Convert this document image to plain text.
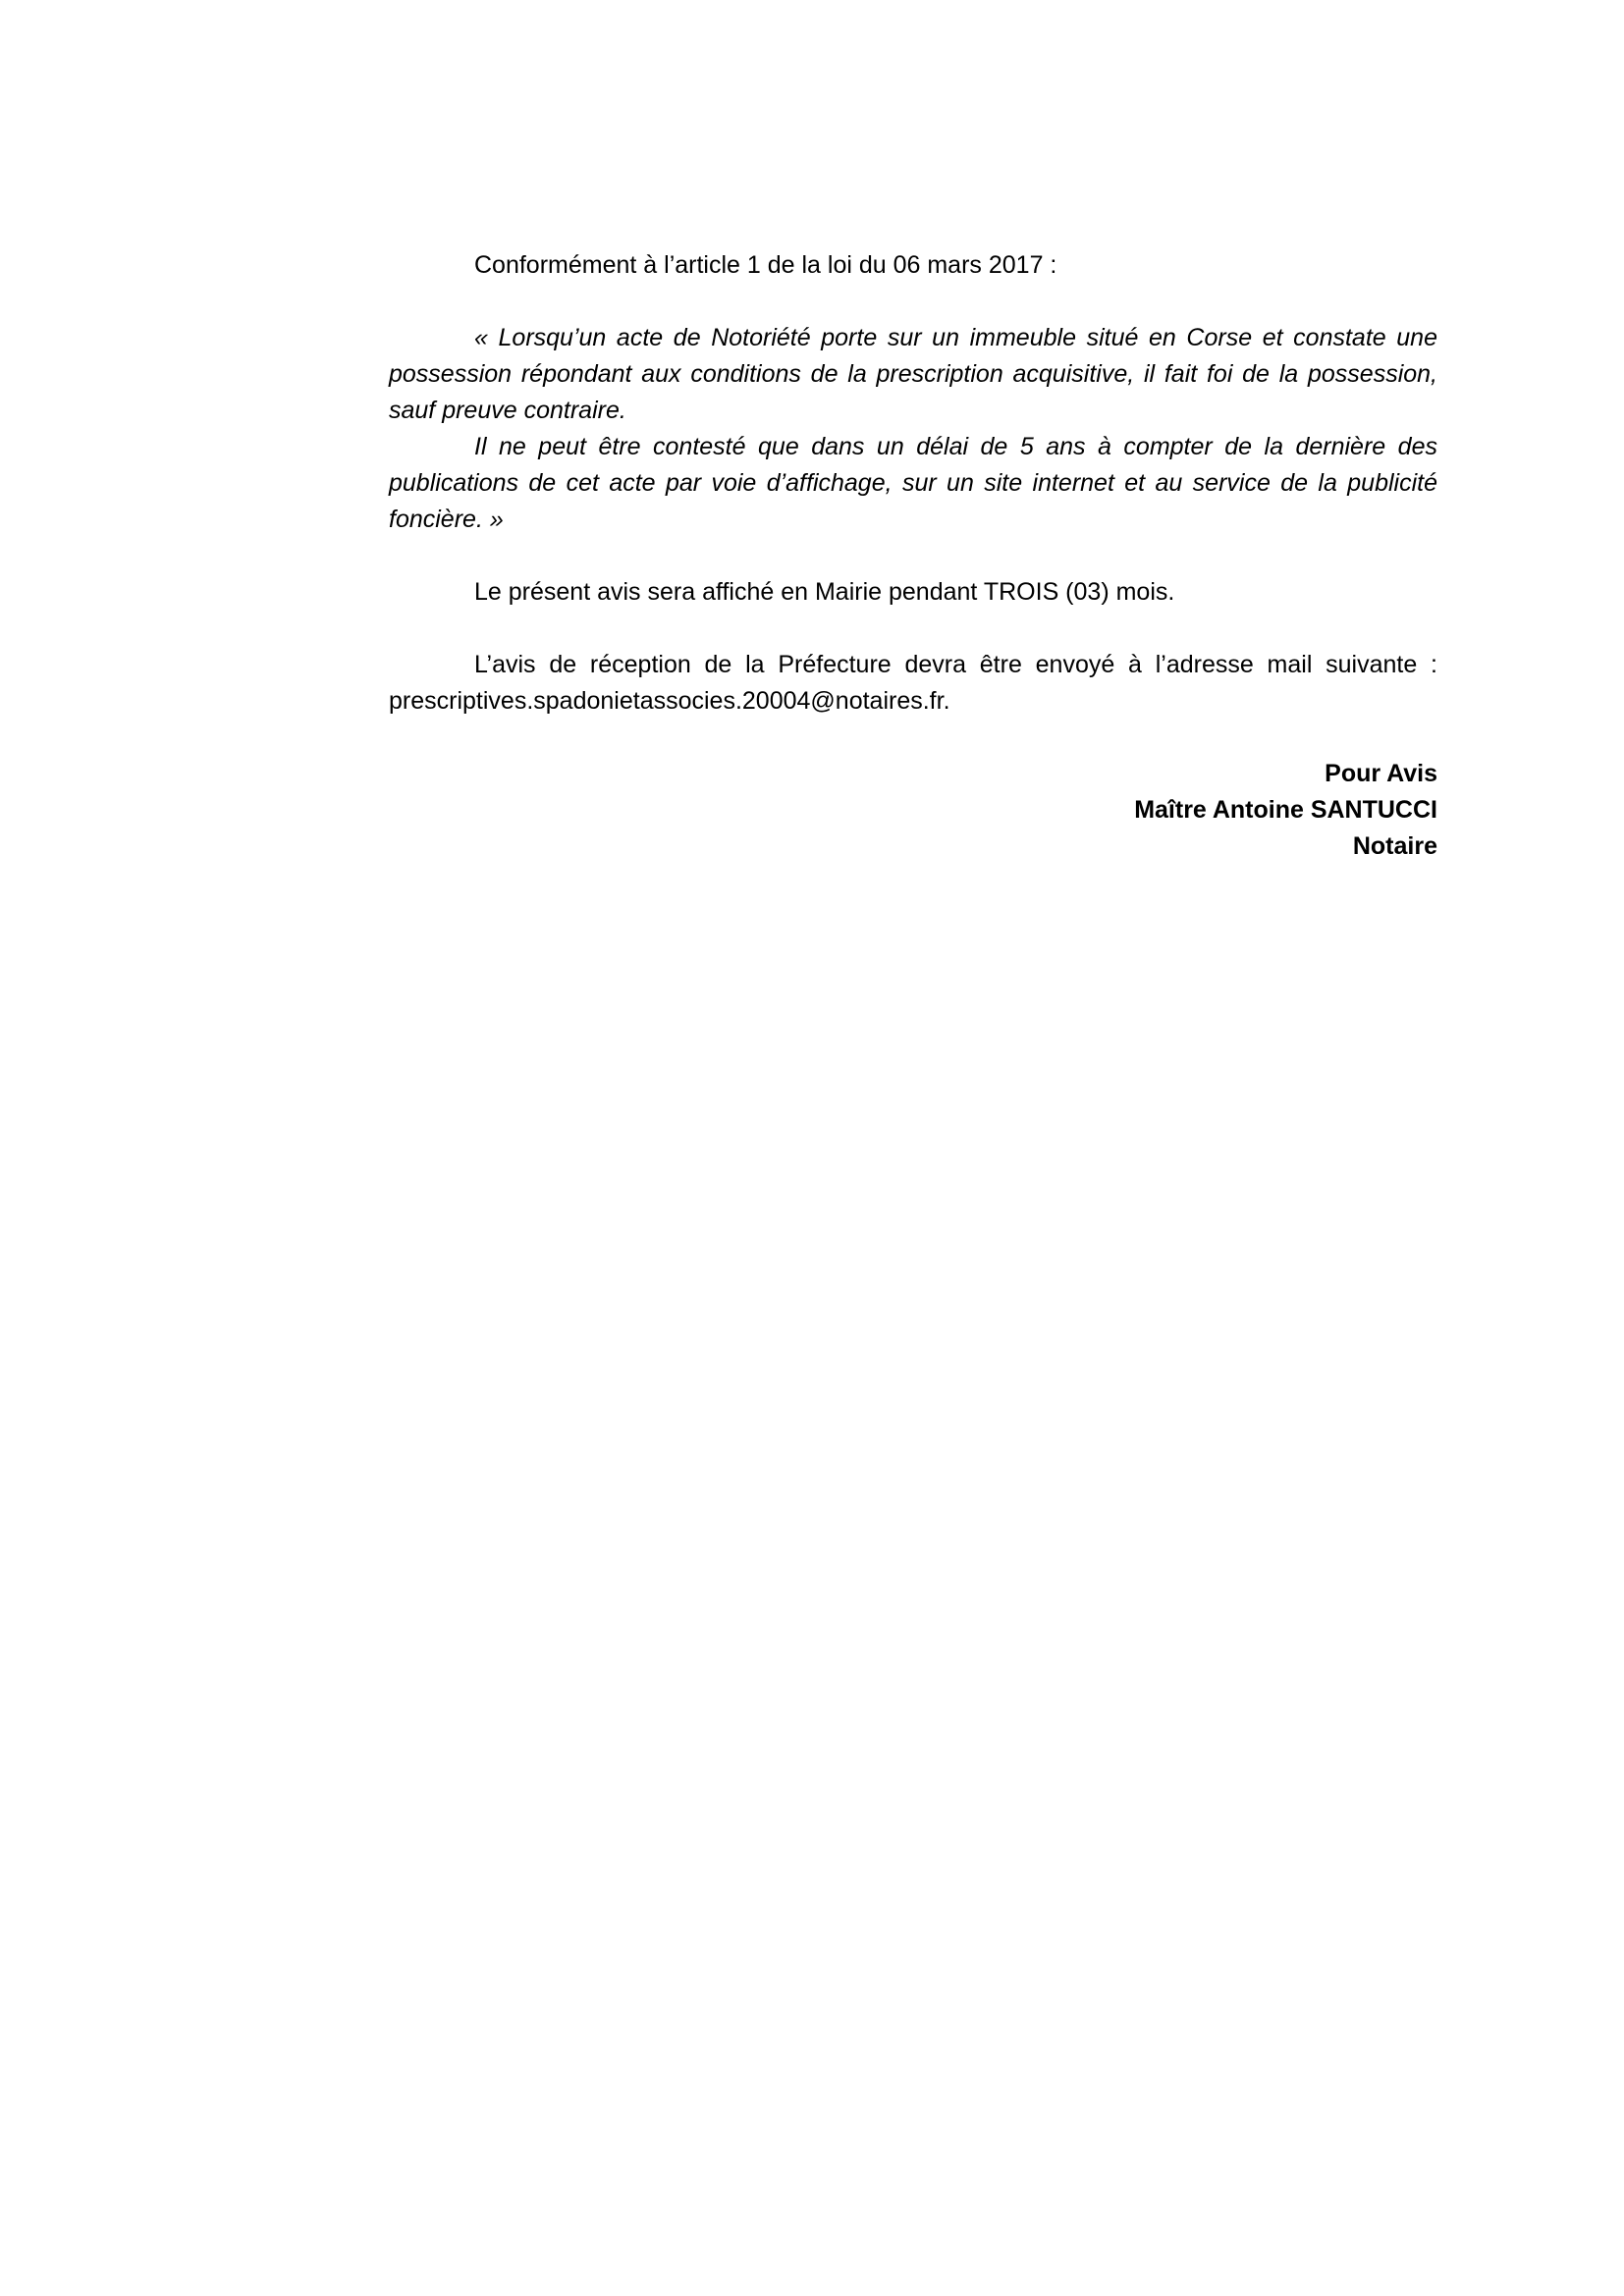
Conformément à l’article 1 de la loi du 06 mars 2017 :

« Lorsqu’un acte de Notoriété porte sur un immeuble situé en Corse et constate une possession répondant aux conditions de la prescription acquisitive, il fait foi de la possession, sauf preuve contraire.

Il ne peut être contesté que dans un délai de 5 ans à compter de la dernière des publications de cet acte par voie d’affichage, sur un site internet et au service de la publicité foncière. »

Le présent avis sera affiché en Mairie pendant TROIS (03) mois.

L’avis de réception de la Préfecture devra être envoyé à l’adresse mail suivante : prescriptives.spadonietassocies.20004@notaires.fr.

Pour Avis

Maître Antoine SANTUCCI

Notaire
